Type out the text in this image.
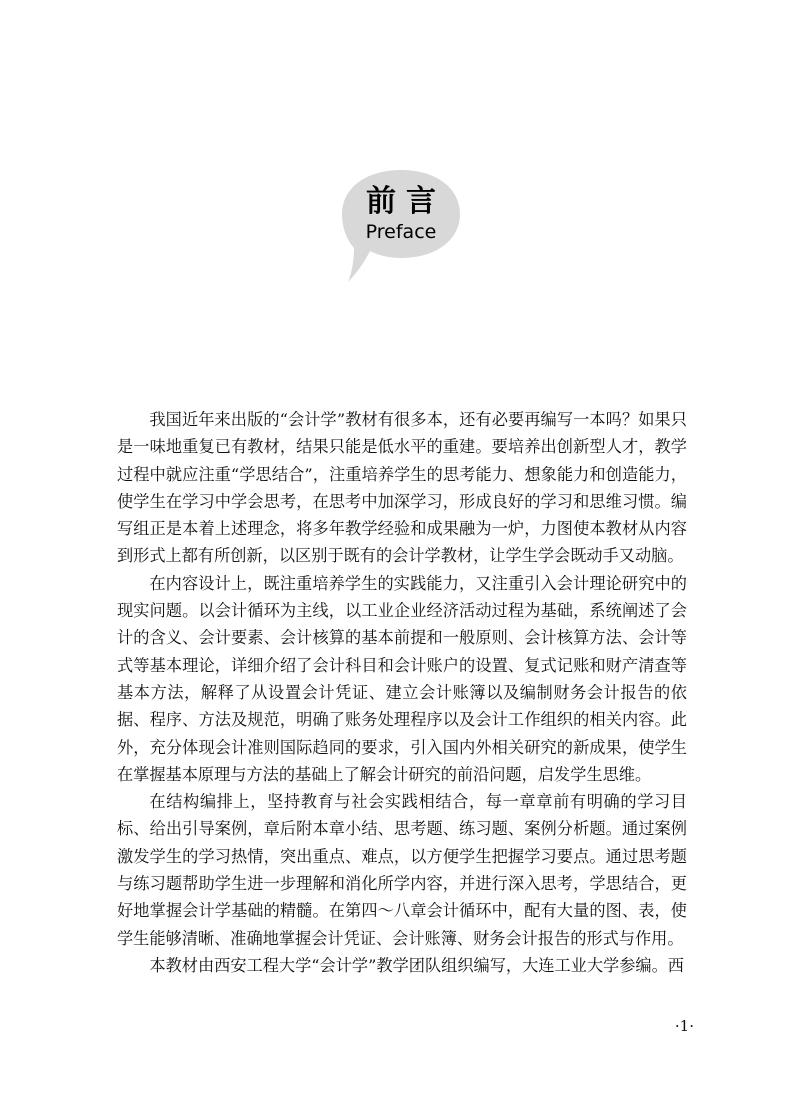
前言
Preface

我国近年来出版的“会计学”教材有很多本，还有必要再编写一本吗？如果只是一味地重复已有教材，结果只能是低水平的重建。要培养出创新型人才，教学过程中就应注重“学思结合”，注重培养学生的思考能力、想象能力和创造能力，使学生在学习中学会思考，在思考中加深学习，形成良好的学习和思维习惯。编写组正是本着上述理念，将多年教学经验和成果融为一炉，力图使本教材从内容到形式上都有所创新，以区别于既有的会计学教材，让学生学会既动手又动脑。

在内容设计上，既注重培养学生的实践能力，又注重引入会计理论研究中的现实问题。以会计循环为主线，以工业企业经济活动过程为基础，系统阐述了会计的含义、会计要素、会计核算的基本前提和一般原则、会计核算方法、会计等式等基本理论，详细介绍了会计科目和会计账户的设置、复式记账和财产清查等基本方法，解释了从设置会计凭证、建立会计账簿以及编制财务会计报告的依据、程序、方法及规范，明确了账务处理程序以及会计工作组织的相关内容。此外，充分体现会计准则国际趋同的要求，引入国内外相关研究的新成果，使学生在掌握基本原理与方法的基础上了解会计研究的前沿问题，启发学生思维。

在结构编排上，坚持教育与社会实践相结合，每一章章前有明确的学习目标、给出引导案例，章后附本章小结、思考题、练习题、案例分析题。通过案例激发学生的学习热情，突出重点、难点，以方便学生把握学习要点。通过思考题与练习题帮助学生进一步理解和消化所学内容，并进行深入思考，学思结合，更好地掌握会计学基础的精髓。在第四～八章会计循环中，配有大量的图、表，使学生能够清晰、准确地掌握会计凭证、会计账簿、财务会计报告的形式与作用。

本教材由西安工程大学“会计学”教学团队组织编写，大连工业大学参编。西

·1·
